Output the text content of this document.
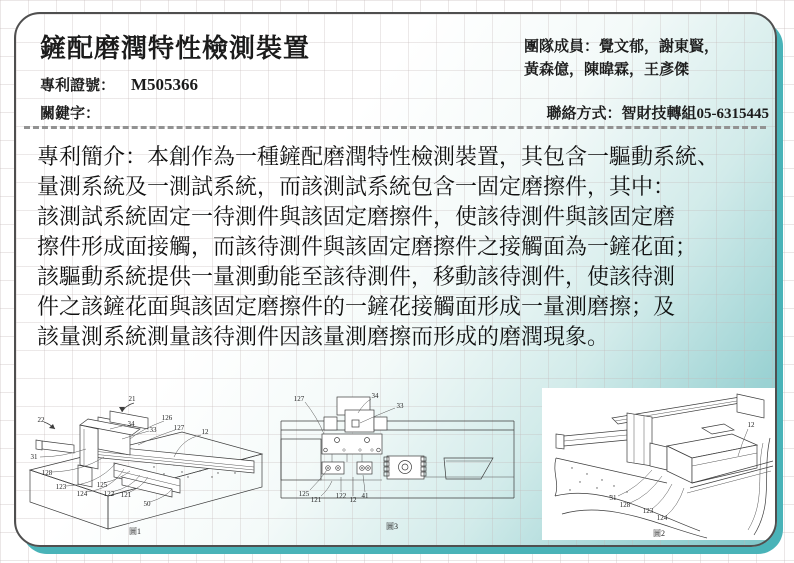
鏟配磨潤特性檢測裝置
專利證號： M505366
關鍵字：
團隊成員：覺文郁，謝東賢，
黃森億，陳暐霖，王彥傑
聯絡方式：智財技轉組05-6315445
專利簡介：本創作為一種鏟配磨潤特性檢測裝置，其包含一驅動系統、
量測系統及一測試系統，而該測試系統包含一固定磨擦件，其中：
該測試系統固定一待測件與該固定磨擦件，使該待測件與該固定磨
擦件形成面接觸，而該待測件與該固定磨擦件之接觸面為一鏟花面；
該驅動系統提供一量測動能至該待測件，移動該待測件，使該待測
件之該鏟花面與該固定磨擦件的一鏟花接觸面形成一量測磨擦；及
該量測系統測量該待測件因該量測磨擦而形成的磨潤現象。
21
22	34
33
126
127 12
31
128
123
124
125
122 121
50
圖1
127	34
33
125
121 122 12 41
圖3
12
31
128
123
124
圖2
